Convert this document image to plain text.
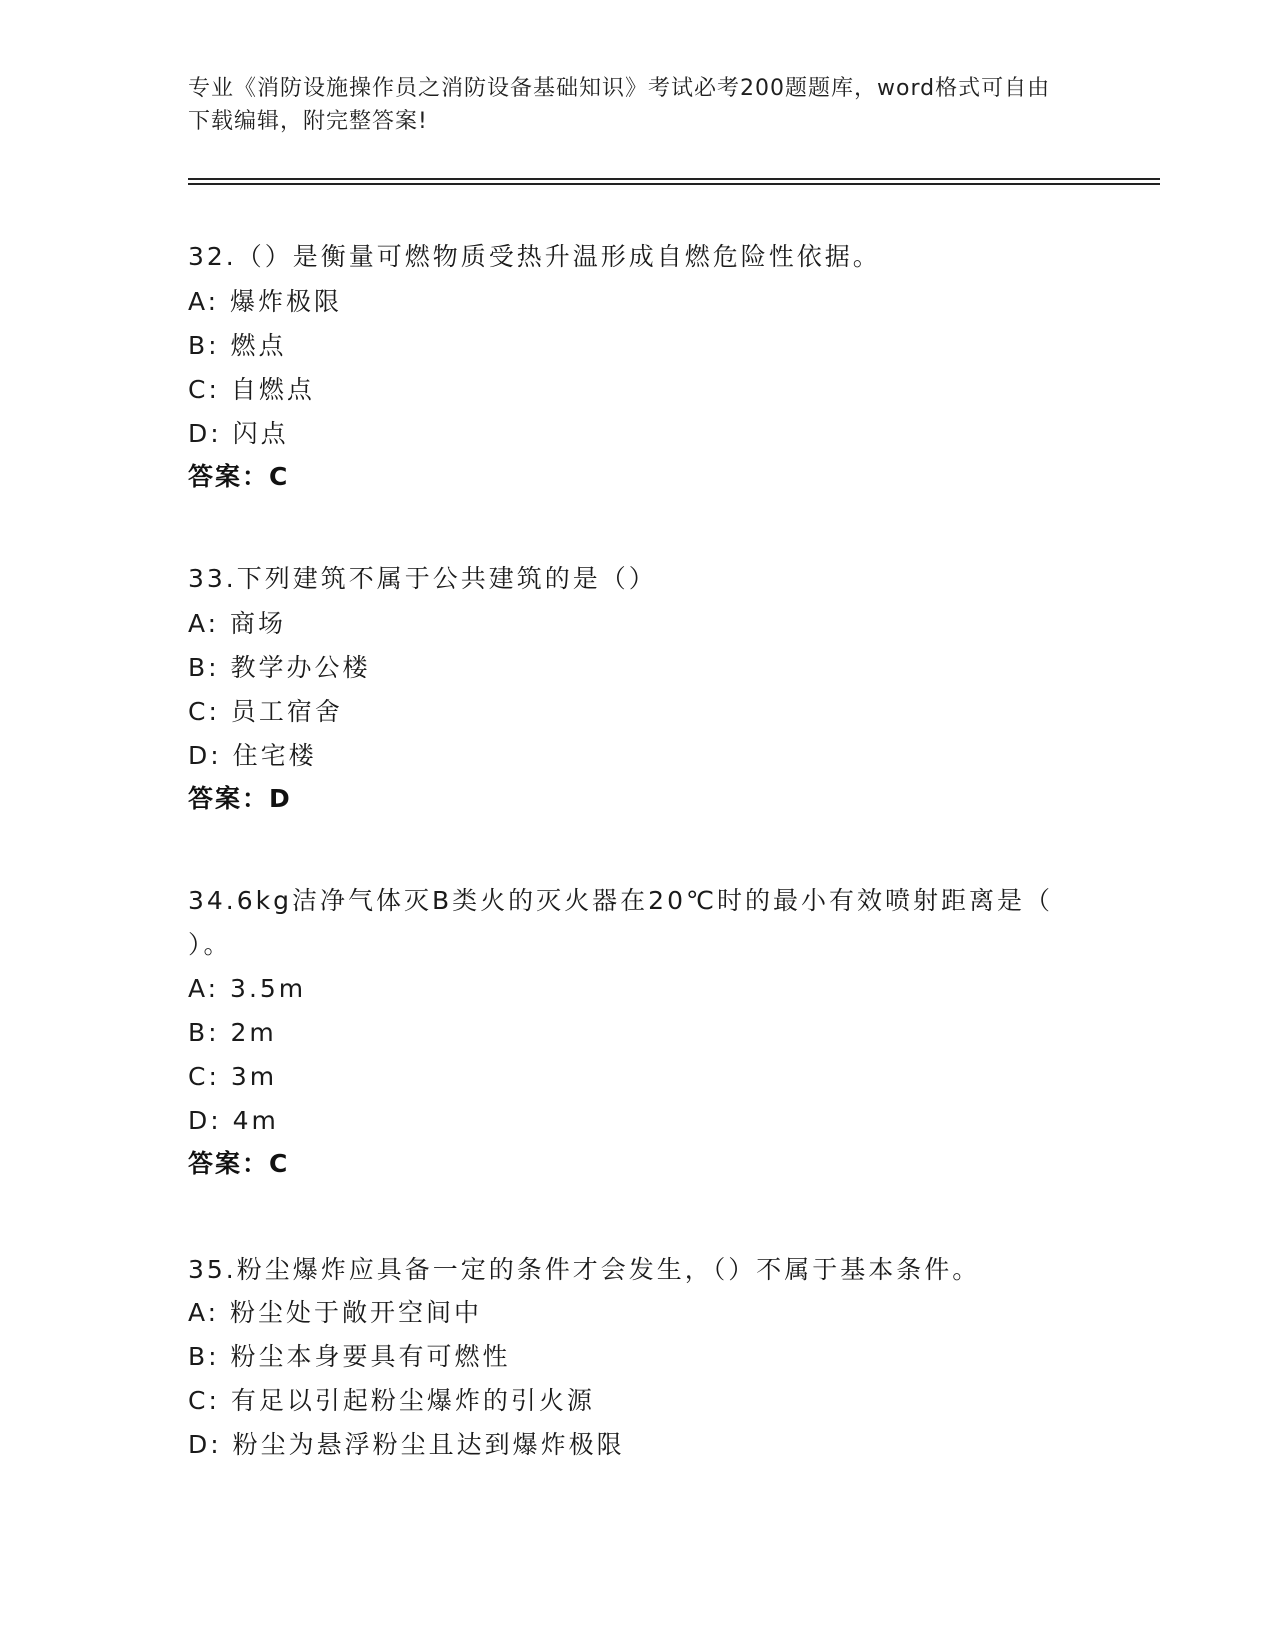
专业《消防设施操作员之消防设备基础知识》考试必考200题题库，word格式可自由下载编辑，附完整答案!
32.（）是衡量可燃物质受热升温形成自燃危险性依据。
A: 爆炸极限
B: 燃点
C: 自燃点
D: 闪点
答案：C
33.下列建筑不属于公共建筑的是（）
A: 商场
B: 教学办公楼
C: 员工宿舍
D: 住宅楼
答案：D
34.6kg洁净气体灭B类火的灭火器在20℃时的最小有效喷射距离是（
）。
A: 3.5m
B: 2m
C: 3m
D: 4m
答案：C
35.粉尘爆炸应具备一定的条件才会发生，（）不属于基本条件。
A: 粉尘处于敞开空间中
B: 粉尘本身要具有可燃性
C: 有足以引起粉尘爆炸的引火源
D: 粉尘为悬浮粉尘且达到爆炸极限
